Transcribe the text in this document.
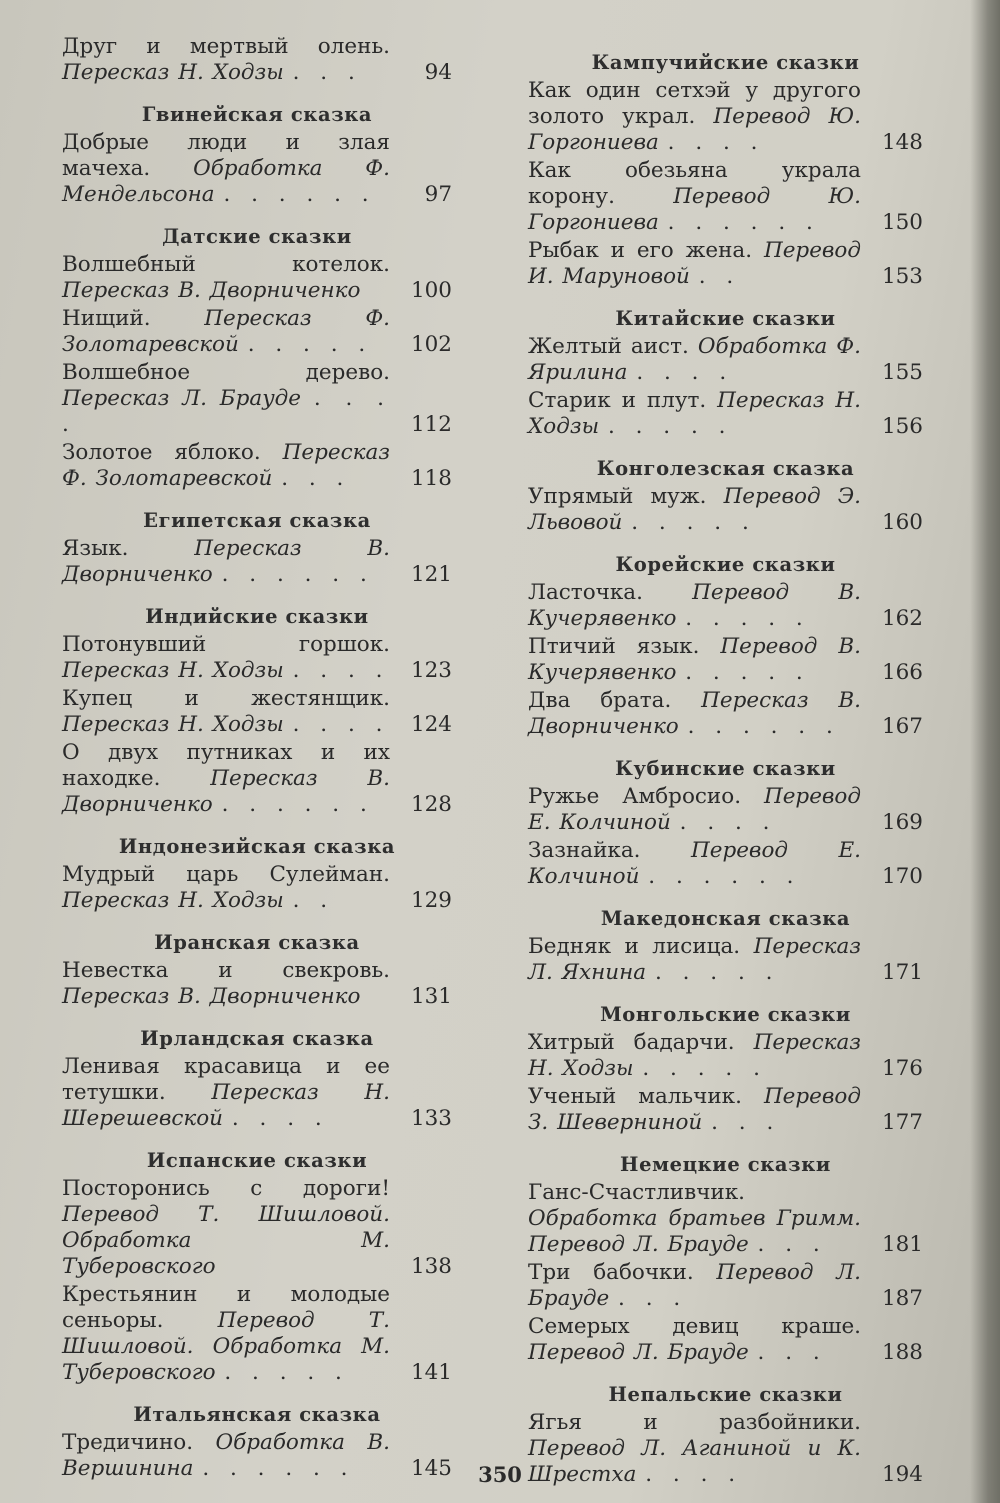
Друг и мертвый олень. Пересказ Н. Ходзы . . .	94
Гвинейская сказка
Добрые люди и злая мачеха. Обработка Ф. Мендельсона . . . . . .	97
Датские сказки
Волшебный котелок. Пересказ В. Дворниченко	100
Нищий. Пересказ Ф. Золотаревской . . . . .	102
Волшебное дерево. Пересказ Л. Брауде . . . .	112
Золотое яблоко. Пересказ Ф. Золотаревской . . .	118
Египетская сказка
Язык.	Пересказ В. Дворниченко . . . . . .	121
Индийские сказки
Потонувший горшок. Пересказ Н. Ходзы . . . .	123
Купец и жестянщик. Пересказ Н. Ходзы . . . .	124
О двух путниках и их находке. Пересказ В. Дворниченко . . . . . .	128
Индонезийская сказка
Мудрый царь Сулейман. Пересказ Н. Ходзы . .	129
Иранская сказка
Невестка и свекровь. Пересказ В. Дворниченко	131
Ирландская сказка
Ленивая красавица и ее тетушки. Пересказ Н. Шерешевской . . . .	133
Испанские сказки
Посторонись с дороги! Перевод Т. Шишловой. Обработка М. Туберовского	138
Крестьянин и молодые сеньоры.	Перевод Т. Шишловой. Обработка М. Туберовского . . . . .	141
Итальянская сказка
Тредичино. Обработка В. Вершинина . . . . . .	145
Кампучийские сказки
Как один сетхэй у другого золото украл. Перевод Ю. Горгониева . . . .	148
Как обезьяна украла корону.	Перевод Ю. Горгониева . . . . . .	150
Рыбак и его жена. Перевод И. Маруновой . .	153
Китайские сказки
Желтый аист. Обработка Ф. Ярилина . . . .	155
Старик и плут. Пересказ Н. Ходзы . . . . .	156
Конголезская сказка
Упрямый муж. Перевод Э. Львовой . . . . .	160
Корейские сказки
Ласточка. Перевод В. Кучерявенко . . . . .	162
Птичий язык. Перевод В. Кучерявенко . . . . .	166
Два брата. Пересказ В. Дворниченко . . . . . .	167
Кубинские сказки
Ружье Амбросио. Перевод Е. Колчиной . . . .	169
Зазнайка. Перевод Е. Колчиной . . . . . .	170
Македонская сказка
Бедняк и лисица. Пересказ Л. Яхнина . . . . .	171
Монгольские сказки
Хитрый бадарчи. Пересказ Н. Ходзы . . . . .	176
Ученый мальчик. Перевод З. Шеверниной . . .	177
Немецкие сказки
Ганс-Счастливчик. Обработка братьев Гримм. Перевод Л. Брауде . . .	181
Три бабочки. Перевод Л. Брауде . . .	187
Семерых девиц краше. Перевод Л. Брауде . . .	188
Непальские сказки
Ягья и разбойники. Перевод Л. Аганиной и К. Шрестха . . . .	194
350
